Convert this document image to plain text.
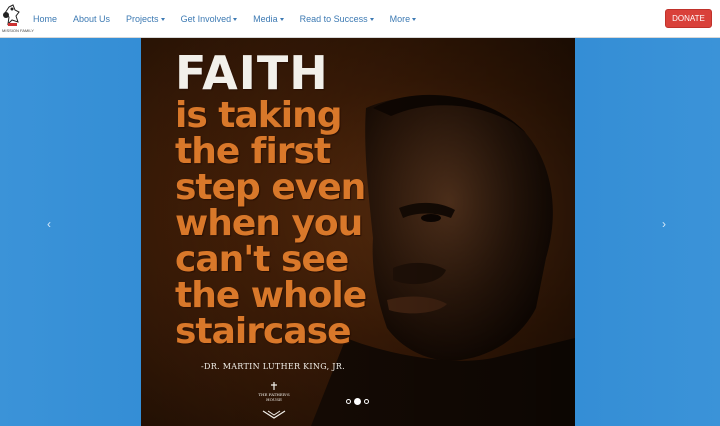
MISSION FAMILY
Home	About Us	Projects	Get Involved	Media	Read to Success	More	DONATE
‹	›
FAITH
is taking
the first
step even
when you
can't see
the whole
staircase
-DR. MARTIN LUTHER KING, JR.
THE FATHER'S HOUSE
